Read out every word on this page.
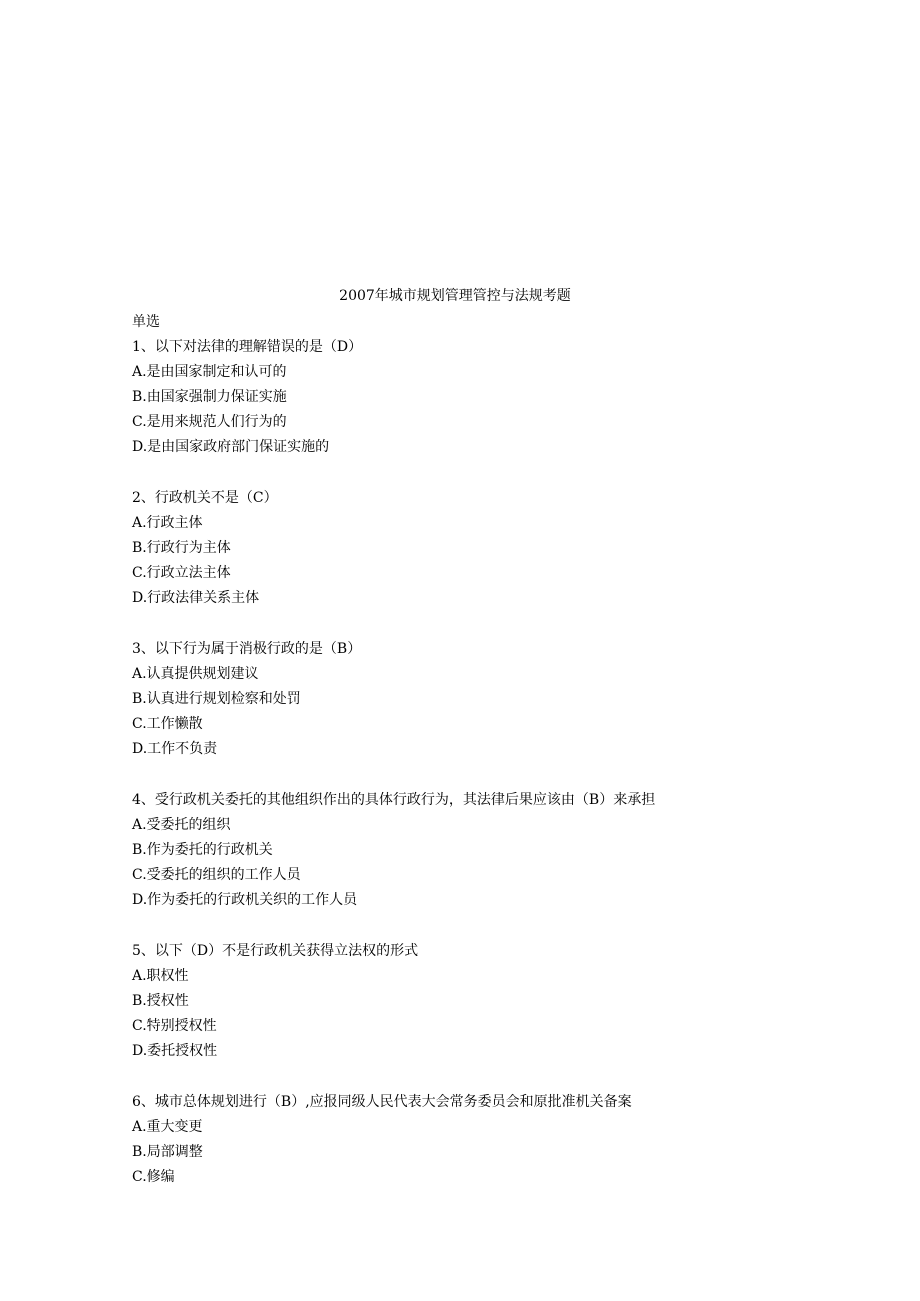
2007年城市规划管理管控与法规考题
单选
1、以下对法律的理解错误的是（D）
A.是由国家制定和认可的
B.由国家强制力保证实施
C.是用来规范人们行为的
D.是由国家政府部门保证实施的
2、行政机关不是（C）
A.行政主体
B.行政行为主体
C.行政立法主体
D.行政法律关系主体
3、以下行为属于消极行政的是（B）
A.认真提供规划建议
B.认真进行规划检察和处罚
C.工作懒散
D.工作不负责
4、受行政机关委托的其他组织作出的具体行政行为，其法律后果应该由（B）来承担
A.受委托的组织
B.作为委托的行政机关
C.受委托的组织的工作人员
D.作为委托的行政机关织的工作人员
5、以下（D）不是行政机关获得立法权的形式
A.职权性
B.授权性
C.特别授权性
D.委托授权性
6、城市总体规划进行（B）,应报同级人民代表大会常务委员会和原批准机关备案
A.重大变更
B.局部调整
C.修编
